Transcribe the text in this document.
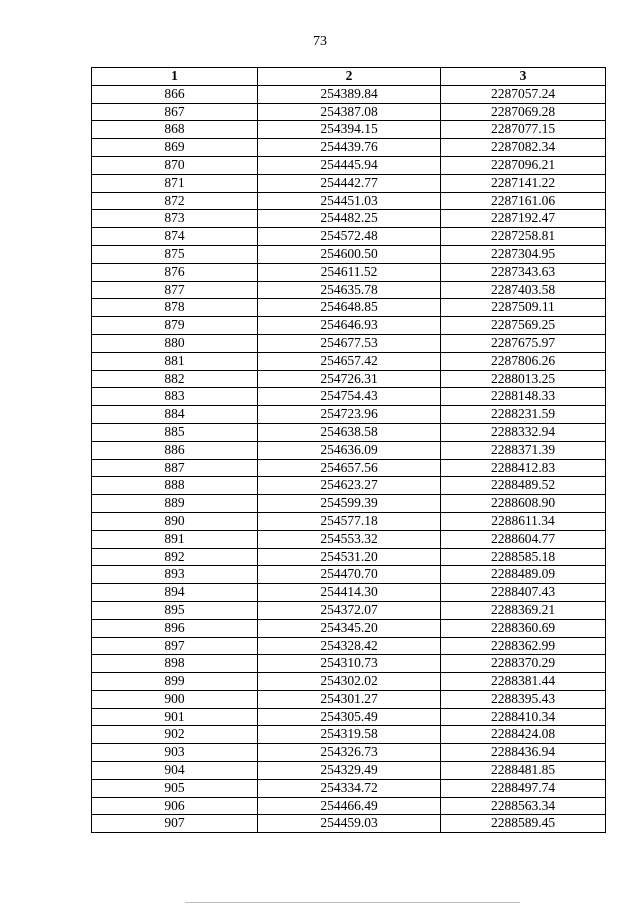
73
1	2	3
866	254389.84	2287057.24
867	254387.08	2287069.28
868	254394.15	2287077.15
869	254439.76	2287082.34
870	254445.94	2287096.21
871	254442.77	2287141.22
872	254451.03	2287161.06
873	254482.25	2287192.47
874	254572.48	2287258.81
875	254600.50	2287304.95
876	254611.52	2287343.63
877	254635.78	2287403.58
878	254648.85	2287509.11
879	254646.93	2287569.25
880	254677.53	2287675.97
881	254657.42	2287806.26
882	254726.31	2288013.25
883	254754.43	2288148.33
884	254723.96	2288231.59
885	254638.58	2288332.94
886	254636.09	2288371.39
887	254657.56	2288412.83
888	254623.27	2288489.52
889	254599.39	2288608.90
890	254577.18	2288611.34
891	254553.32	2288604.77
892	254531.20	2288585.18
893	254470.70	2288489.09
894	254414.30	2288407.43
895	254372.07	2288369.21
896	254345.20	2288360.69
897	254328.42	2288362.99
898	254310.73	2288370.29
899	254302.02	2288381.44
900	254301.27	2288395.43
901	254305.49	2288410.34
902	254319.58	2288424.08
903	254326.73	2288436.94
904	254329.49	2288481.85
905	254334.72	2288497.74
906	254466.49	2288563.34
907	254459.03	2288589.45
